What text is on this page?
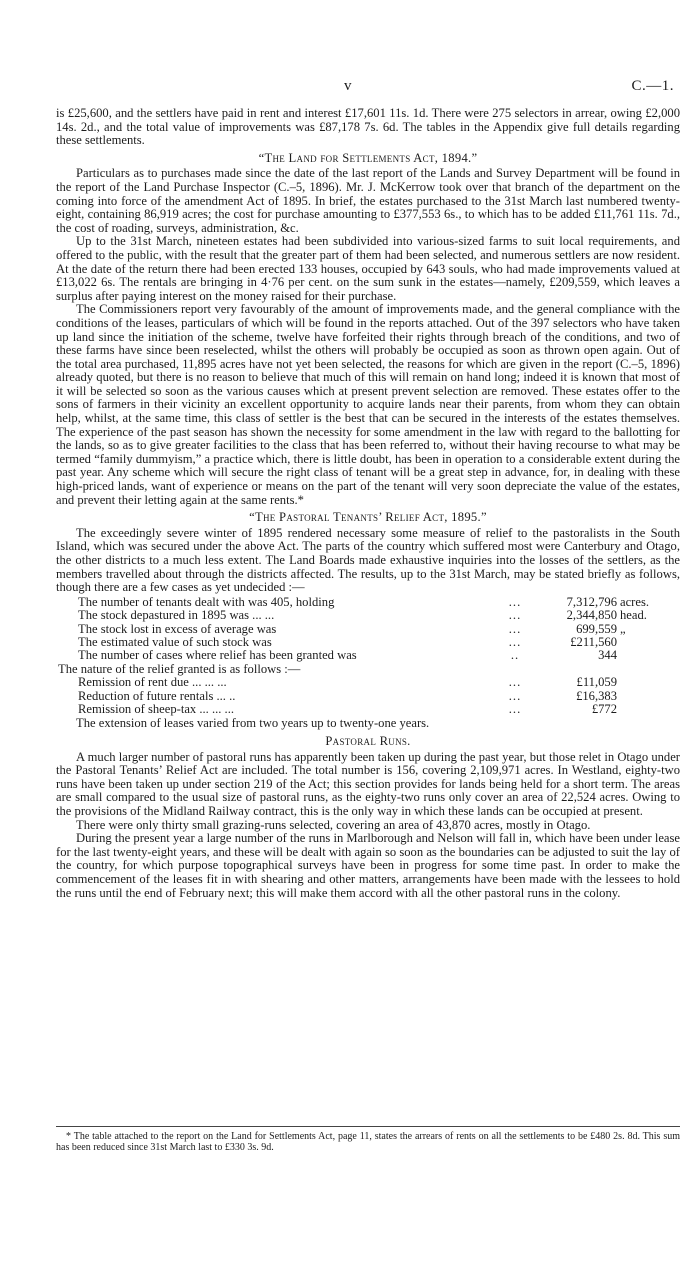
v	C.—1.

is £25,600, and the settlers have paid in rent and interest £17,601 11s. 1d. There were 275 selectors in arrear, owing £2,000 14s. 2d., and the total value of improvements was £87,178 7s. 6d. The tables in the Appendix give full details regarding these settlements.

“The Land for Settlements Act, 1894.”

Particulars as to purchases made since the date of the last report of the Lands and Survey Department will be found in the report of the Land Purchase Inspector (C.–5, 1896). Mr. J. McKerrow took over that branch of the department on the coming into force of the amendment Act of 1895. In brief, the estates purchased to the 31st March last numbered twenty-eight, containing 86,919 acres; the cost for purchase amounting to £377,553 6s., to which has to be added £11,761 11s. 7d., the cost of roading, surveys, administration, &c.

Up to the 31st March, nineteen estates had been subdivided into various-sized farms to suit local requirements, and offered to the public, with the result that the greater part of them had been selected, and numerous settlers are now resident. At the date of the return there had been erected 133 houses, occupied by 643 souls, who had made improvements valued at £13,022 6s. The rentals are bringing in 4·76 per cent. on the sum sunk in the estates—namely, £209,559, which leaves a surplus after paying interest on the money raised for their purchase.

The Commissioners report very favourably of the amount of improvements made, and the general compliance with the conditions of the leases, particulars of which will be found in the reports attached. Out of the 397 selectors who have taken up land since the initiation of the scheme, twelve have forfeited their rights through breach of the conditions, and two of these farms have since been reselected, whilst the others will probably be occupied as soon as thrown open again. Out of the total area purchased, 11,895 acres have not yet been selected, the reasons for which are given in the report (C.–5, 1896) already quoted, but there is no reason to believe that much of this will remain on hand long; indeed it is known that most of it will be selected so soon as the various causes which at present prevent selection are removed. These estates offer to the sons of farmers in their vicinity an excellent opportunity to acquire lands near their parents, from whom they can obtain help, whilst, at the same time, this class of settler is the best that can be secured in the interests of the estates themselves. The experience of the past season has shown the necessity for some amendment in the law with regard to the ballotting for the lands, so as to give greater facilities to the class that has been referred to, without their having recourse to what may be termed “family dummyism,” a practice which, there is little doubt, has been in operation to a considerable extent during the past year. Any scheme which will secure the right class of tenant will be a great step in advance, for, in dealing with these high-priced lands, want of experience or means on the part of the tenant will very soon depreciate the value of the estates, and prevent their letting again at the same rents.*

“The Pastoral Tenants’ Relief Act, 1895.”

The exceedingly severe winter of 1895 rendered necessary some measure of relief to the pastoralists in the South Island, which was secured under the above Act. The parts of the country which suffered most were Canterbury and Otago, the other districts to a much less extent. The Land Boards made exhaustive inquiries into the losses of the settlers, as the members travelled about through the districts affected. The results, up to the 31st March, may be stated briefly as follows, though there are a few cases as yet undecided :—

The number of tenants dealt with was 405, holding	...	7,312,796	acres.
The stock depastured in 1895 was ... ...	...	2,344,850	head.
The stock lost in excess of average was	...	699,559	„
The estimated value of such stock was	...	£211,560	
The number of cases where relief has been granted was	..	344	
The nature of the relief granted is as follows :—			
Remission of rent due ... ... ...	...	£11,059	
Reduction of future rentals ... ..	...	£16,383	
Remission of sheep-tax ... ... ...	...	£772	

The extension of leases varied from two years up to twenty-one years.

Pastoral Runs.

A much larger number of pastoral runs has apparently been taken up during the past year, but those relet in Otago under the Pastoral Tenants’ Relief Act are included. The total number is 156, covering 2,109,971 acres. In Westland, eighty-two runs have been taken up under section 219 of the Act; this section provides for lands being held for a short term. The areas are small compared to the usual size of pastoral runs, as the eighty-two runs only cover an area of 22,524 acres. Owing to the provisions of the Midland Railway contract, this is the only way in which these lands can be occupied at present.

There were only thirty small grazing-runs selected, covering an area of 43,870 acres, mostly in Otago.

During the present year a large number of the runs in Marlborough and Nelson will fall in, which have been under lease for the last twenty-eight years, and these will be dealt with again so soon as the boundaries can be adjusted to suit the lay of the country, for which purpose topographical surveys have been in progress for some time past. In order to make the commencement of the leases fit in with shearing and other matters, arrangements have been made with the lessees to hold the runs until the end of February next; this will make them accord with all the other pastoral runs in the colony.

* The table attached to the report on the Land for Settlements Act, page 11, states the arrears of rents on all the settlements to be £480 2s. 8d. This sum has been reduced since 31st March last to £330 3s. 9d.
